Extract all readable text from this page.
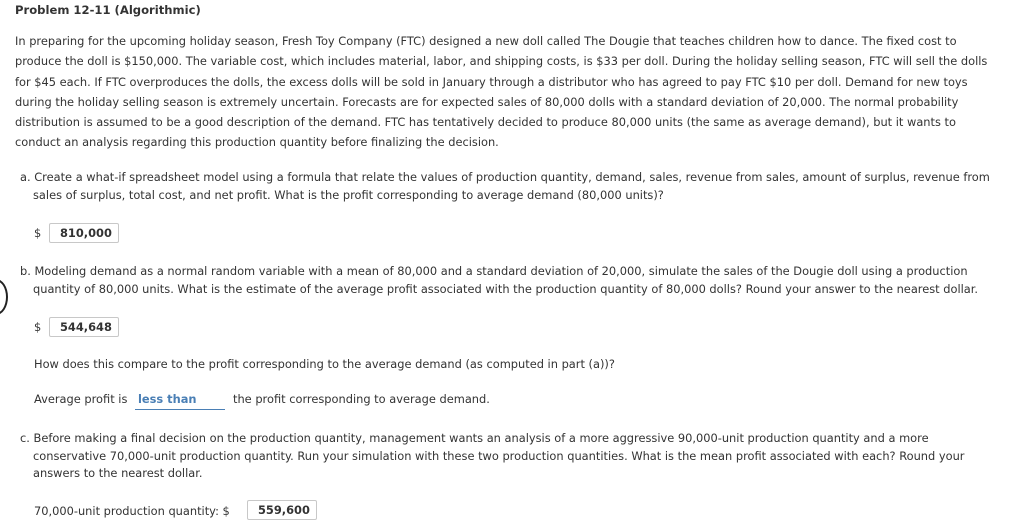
Problem 12-11 (Algorithmic)
In preparing for the upcoming holiday season, Fresh Toy Company (FTC) designed a new doll called The Dougie that teaches children how to dance. The fixed cost to
produce the doll is $150,000. The variable cost, which includes material, labor, and shipping costs, is $33 per doll. During the holiday selling season, FTC will sell the dolls
for $45 each. If FTC overproduces the dolls, the excess dolls will be sold in January through a distributor who has agreed to pay FTC $10 per doll. Demand for new toys
during the holiday selling season is extremely uncertain. Forecasts are for expected sales of 80,000 dolls with a standard deviation of 20,000. The normal probability
distribution is assumed to be a good description of the demand. FTC has tentatively decided to produce 80,000 units (the same as average demand), but it wants to
conduct an analysis regarding this production quantity before finalizing the decision.
a. Create a what-if spreadsheet model using a formula that relate the values of production quantity, demand, sales, revenue from sales, amount of surplus, revenue from
sales of surplus, total cost, and net profit. What is the profit corresponding to average demand (80,000 units)?
$	810,000
b. Modeling demand as a normal random variable with a mean of 80,000 and a standard deviation of 20,000, simulate the sales of the Dougie doll using a production
quantity of 80,000 units. What is the estimate of the average profit associated with the production quantity of 80,000 dolls? Round your answer to the nearest dollar.
$	544,648
How does this compare to the profit corresponding to the average demand (as computed in part (a))?
Average profit is less than	the profit corresponding to average demand.
c. Before making a final decision on the production quantity, management wants an analysis of a more aggressive 90,000-unit production quantity and a more
conservative 70,000-unit production quantity. Run your simulation with these two production quantities. What is the mean profit associated with each? Round your
answers to the nearest dollar.
70,000-unit production quantity: $	559,600
